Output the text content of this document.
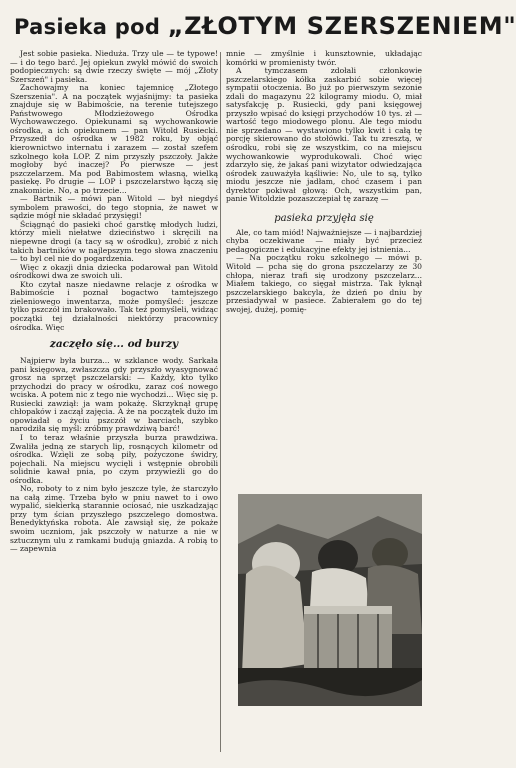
Pasieka pod „ZŁOTYM SZERSZENIEM"

Jest sobie pasieka. Nieduża. Trzy ule — te typowe! — i do tego barć. Jej opiekun zwykł mówić do swoich podopiecznych: są dwie rzeczy święte — mój „Złoty Szerszeń" i pasieka.

Zachowajmy na koniec tajemnicę „Złotego Szerszenia". A na początek wyjaśnijmy: ta pasieka znajduje się w Babimoście, na terenie tutejszego Państwowego Młodzieżowego Ośrodka Wychowawczego. Opiekunami są wychowankowie ośrodka, a ich opiekunem — pan Witold Rusiecki. Przyszedł do ośrodka w 1982 roku, by objąć kierownictwo internatu i zarazem — został szefem szkolnego koła LOP. Z nim przyszły pszczoły. Jakże mogłoby być inaczej? Po pierwsze — jest pszczelarzem. Ma pod Babimostem własną, wielką pasiekę. Po drugie — LOP i pszczelarstwo łączą się znakomicie. No, a po trzecie...

— Bartnik — mówi pan Witold — był niegdyś symbolem prawości, do tego stopnia, że nawet w sądzie mógł nie składać przysięgi!

Ściągnąć do pasieki choć garstkę młodych ludzi, którzy mieli niełatwe dzieciństwo i skręcili na niepewne drogi (a tacy są w ośrodku), zrobić z nich takich bartników w najlepszym tego słowa znaczeniu — to byl cel nie do pogardzenia.

Więc z okazji dnia dziecka podarował pan Witold ośrodkowi dwa ze swoich uli.

Kto czytał nasze niedawne relacje z ośrodka w Babimoście i poznał bogactwo tamtejszego zieleniowego inwentarza, może pomyśleć: jeszcze tylko pszczół im brakowało. Tak też pomyśleli, widząc początki tej działalności niektórzy pracownicy ośrodka. Więc

zaczęło się... od burzy

Najpierw była burza... w szklance wody. Sarkała pani księgowa, zwłaszcza gdy przyszło wyasygnować grosz na sprzęt pszczelarski: — Każdy, kto tylko przychodzi do pracy w ośrodku, zaraz coś nowego wciska. A potem nic z tego nie wychodzi... Więc się p. Rusiecki zawziął: ja wam pokażę. Skrzyknął grupę chłopaków i zaczął zajęcia. A że na początek dużo im opowiadał o życiu pszczół w barciach, szybko narodziła się myśl: zróbmy prawdziwą barć!

I to teraz właśnie przyszła burza prawdziwa. Zwaliła jedną ze starych lip, rosnących kilometr od ośrodka. Wzięli ze sobą piły, pożyczone świdry, pojechali. Na miejscu wycięli i wstępnie obrobili solidnie kawał pnia, po czym przywieźli go do ośrodka.

No, roboty to z nim było jeszcze tyle, że starczyło na całą zimę. Trzeba było w pniu nawet to i owo wypalić, siekierką starannie ociosać, nie uszkadzając przy tym ścian przyszłego pszczelego domostwa. Benedyktyńska robota. Ale zawsiął się, że pokaże swoim uczniom, jak pszczoły w naturze a nie w sztucznym ulu z ramkami budują gniazda. A robią to — zapewnia

mnie — zmyślnie i kunsztownie, układając komórki w promienisty twór.

A tymczasem zdołali członkowie pszczelarskiego kółka zaskarbić sobie więcej sympatii otoczenia. Bo już po pierwszym sezonie zdali do magazynu 22 kilogramy miodu. O, miał satysfakcję p. Rusiecki, gdy pani księgowej przyszło wpisać do księgi przychodów 10 tys. zł — wartość tego miodowego plonu. Ale tego miodu nie sprzedano — wystawiono tylko kwit i całą tę porcję skierowano do stołówki. Tak tu zresztą, w ośrodku, robi się ze wszystkim, co na miejscu wychowankowie wyprodukowali. Choć więc zdarzyło się, że jakaś pani wizytator odwiedzająca ośrodek zauważyła kąśliwie: No, ule to są, tylko miodu jeszcze nie jadłam, choć czasem i pan dyrektor pokiwał głową: Och, wszystkim pan, panie Witoldzie pozaszczepiał tę zarazę —

pasieka przyjęła się

Ale, co tam miód! Najważniejsze — i najbardziej chyba oczekiwane — miały być przecież pedagogiczne i edukacyjne efekty jej istnienia...

— Na początku roku szkolnego — mówi p. Witold — pcha się do grona pszczelarzy ze 30 chłopa, nieraz trafi się urodzony pszczelarz... Miałem takiego, co sięgał mistrza. Tak łyknął pszczelarskiego bakcyla, że dzień po dniu by przesiadywał w pasiece. Zabierałem go do tej swojej, dużej, pomię-
